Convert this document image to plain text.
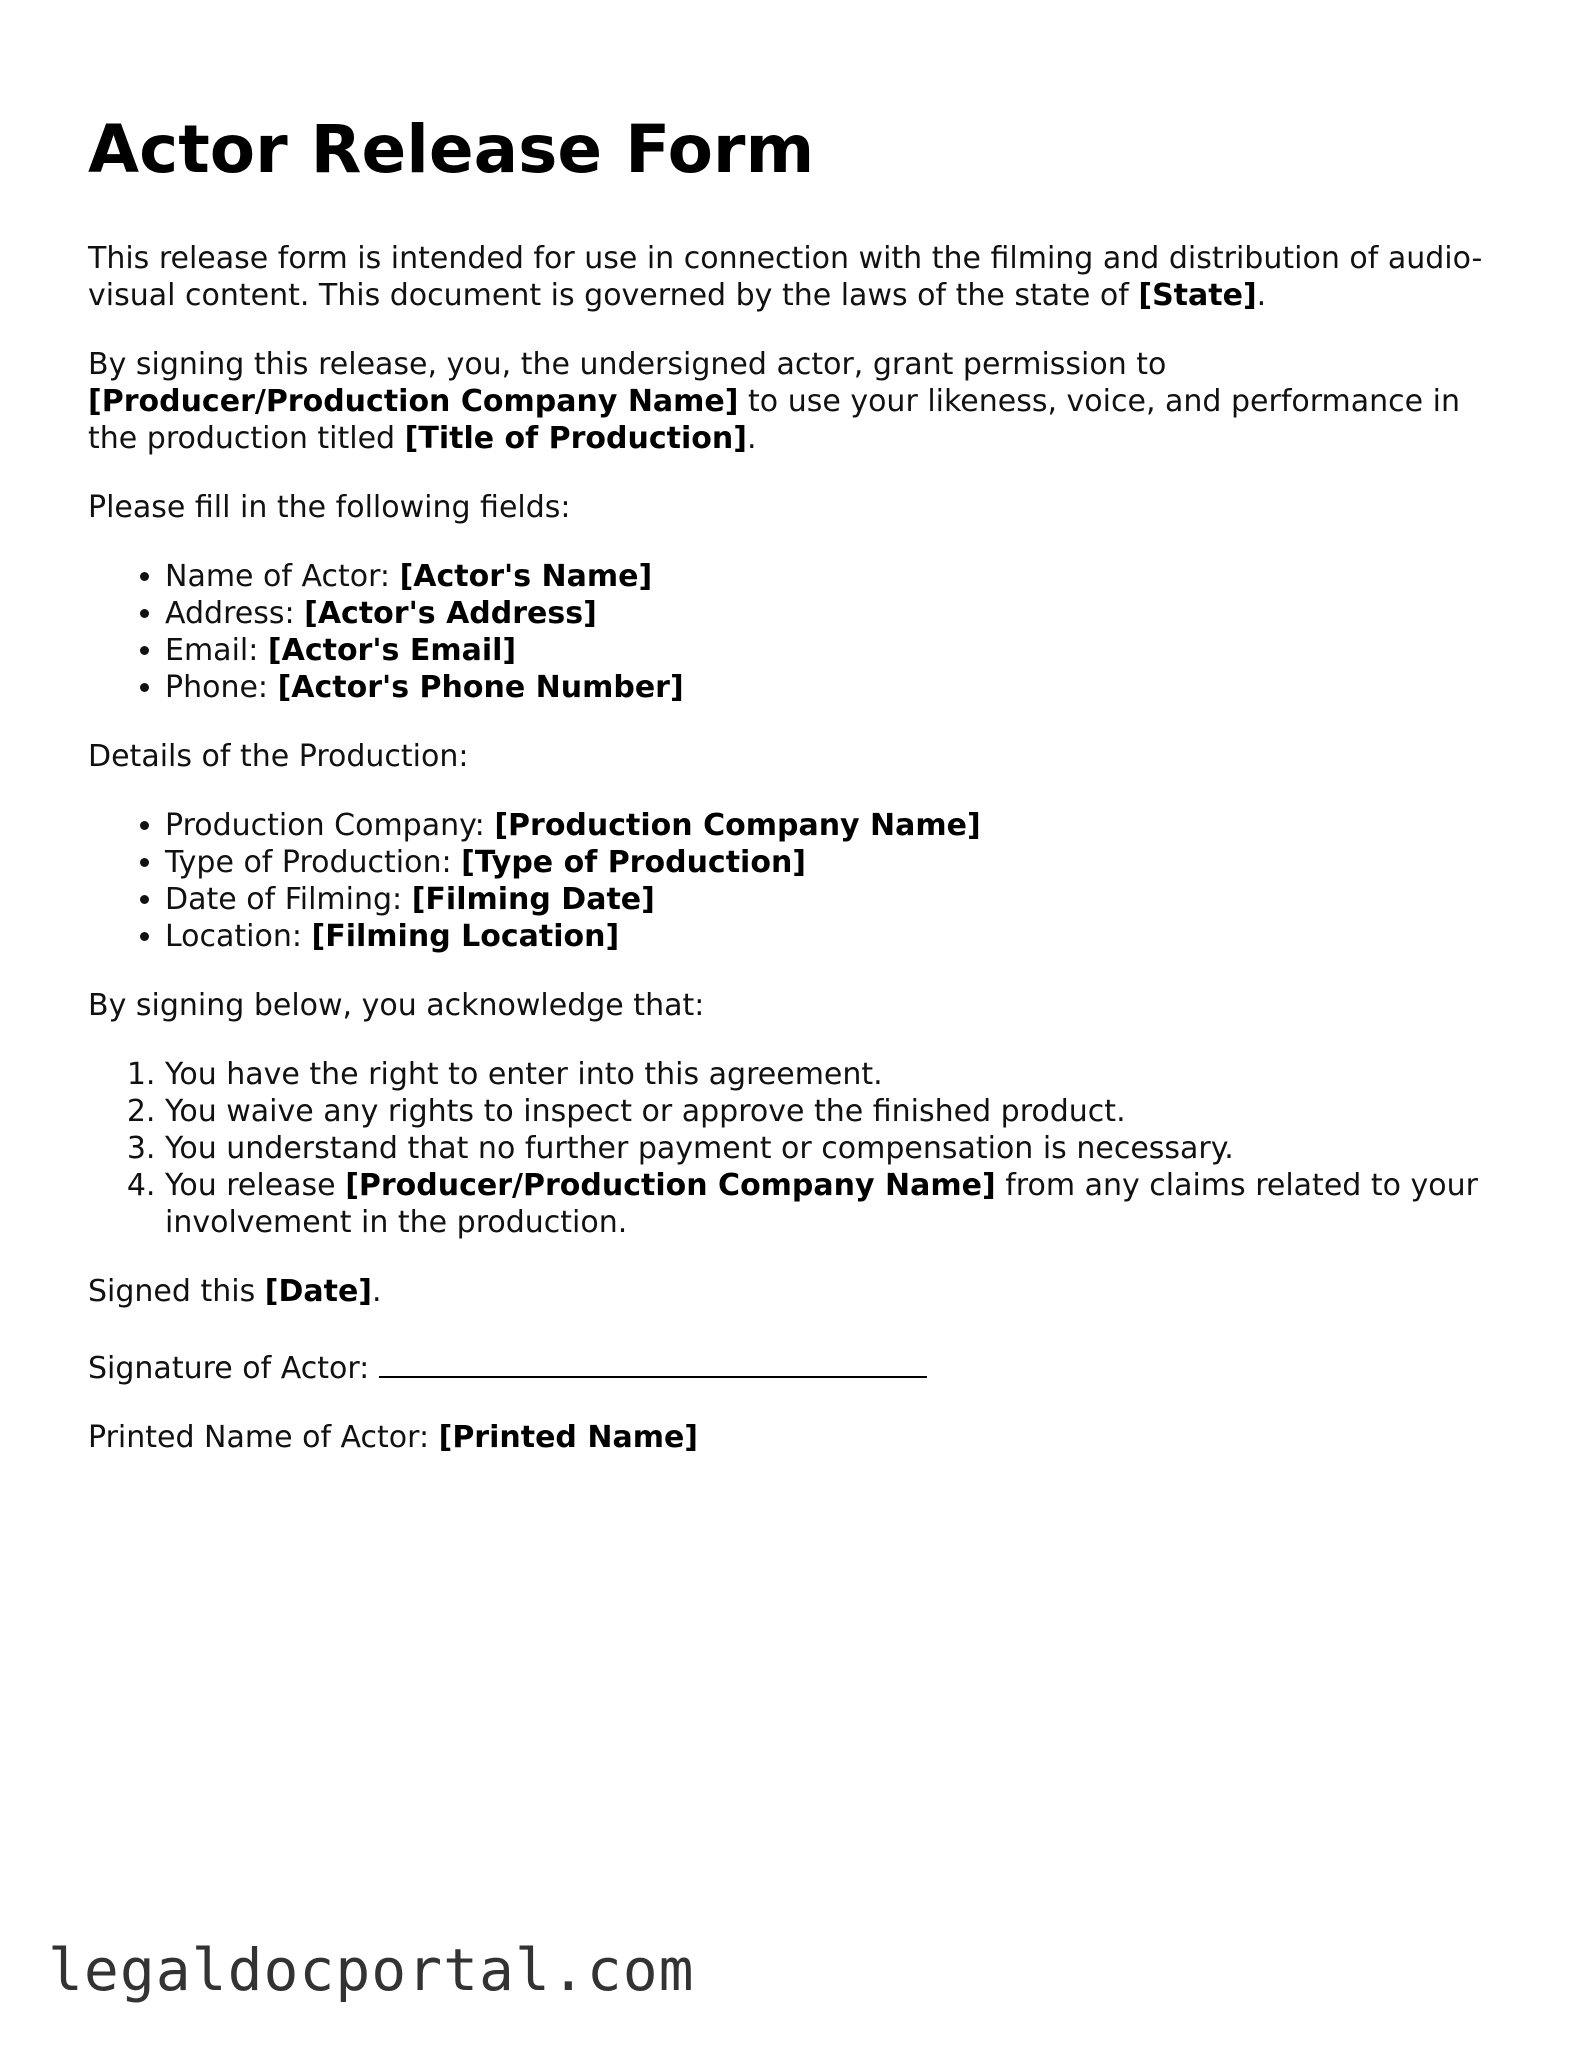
Actor Release Form

This release form is intended for use in connection with the filming and distribution of audio-visual content. This document is governed by the laws of the state of [State].

By signing this release, you, the undersigned actor, grant permission to [Producer/Production Company Name] to use your likeness, voice, and performance in the production titled [Title of Production].

Please fill in the following fields:

• Name of Actor: [Actor's Name]
• Address: [Actor's Address]
• Email: [Actor's Email]
• Phone: [Actor's Phone Number]

Details of the Production:

• Production Company: [Production Company Name]
• Type of Production: [Type of Production]
• Date of Filming: [Filming Date]
• Location: [Filming Location]

By signing below, you acknowledge that:

1. You have the right to enter into this agreement.
2. You waive any rights to inspect or approve the finished product.
3. You understand that no further payment or compensation is necessary.
4. You release [Producer/Production Company Name] from any claims related to your involvement in the production.

Signed this [Date].

Signature of Actor:

Printed Name of Actor: [Printed Name]

legaldocportal.com
